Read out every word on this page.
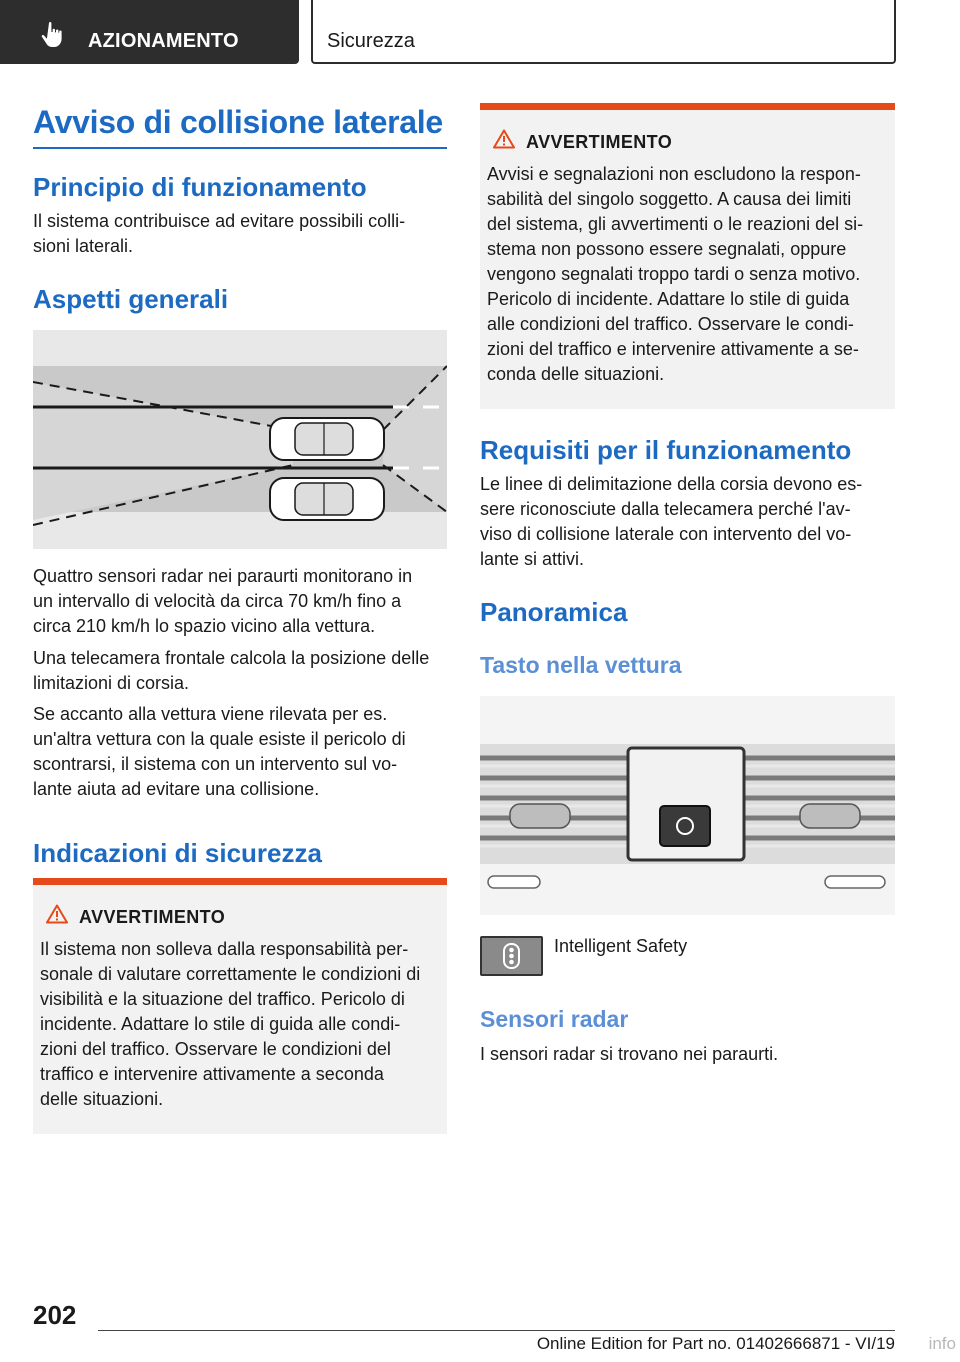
AZIONAMENTO	Sicurezza
Avviso di collisione laterale
Principio di funzionamento
Il sistema contribuisce ad evitare possibili colli-
sioni laterali.
Aspetti generali
Quattro sensori radar nei paraurti monitorano in
un intervallo di velocità da circa 70 km/h fino a
circa 210 km/h lo spazio vicino alla vettura.
Una telecamera frontale calcola la posizione delle
limitazioni di corsia.
Se accanto alla vettura viene rilevata per es.
un'altra vettura con la quale esiste il pericolo di
scontrarsi, il sistema con un intervento sul vo-
lante aiuta ad evitare una collisione.
Indicazioni di sicurezza
AVVERTIMENTO
Il sistema non solleva dalla responsabilità per-
sonale di valutare correttamente le condizioni di
visibilità e la situazione del traffico. Pericolo di
incidente. Adattare lo stile di guida alle condi-
zioni del traffico. Osservare le condizioni del
traffico e intervenire attivamente a seconda
delle situazioni.
AVVERTIMENTO
Avvisi e segnalazioni non escludono la respon-
sabilità del singolo soggetto. A causa dei limiti
del sistema, gli avvertimenti o le reazioni del si-
stema non possono essere segnalati, oppure
vengono segnalati troppo tardi o senza motivo.
Pericolo di incidente. Adattare lo stile di guida
alle condizioni del traffico. Osservare le condi-
zioni del traffico e intervenire attivamente a se-
conda delle situazioni.
Requisiti per il funzionamento
Le linee di delimitazione della corsia devono es-
sere riconosciute dalla telecamera perché l'av-
viso di collisione laterale con intervento del vo-
lante si attivi.
Panoramica
Tasto nella vettura
Intelligent Safety
Sensori radar
I sensori radar si trovano nei paraurti.
202
Online Edition for Part no. 01402666871 - VI/19 info
